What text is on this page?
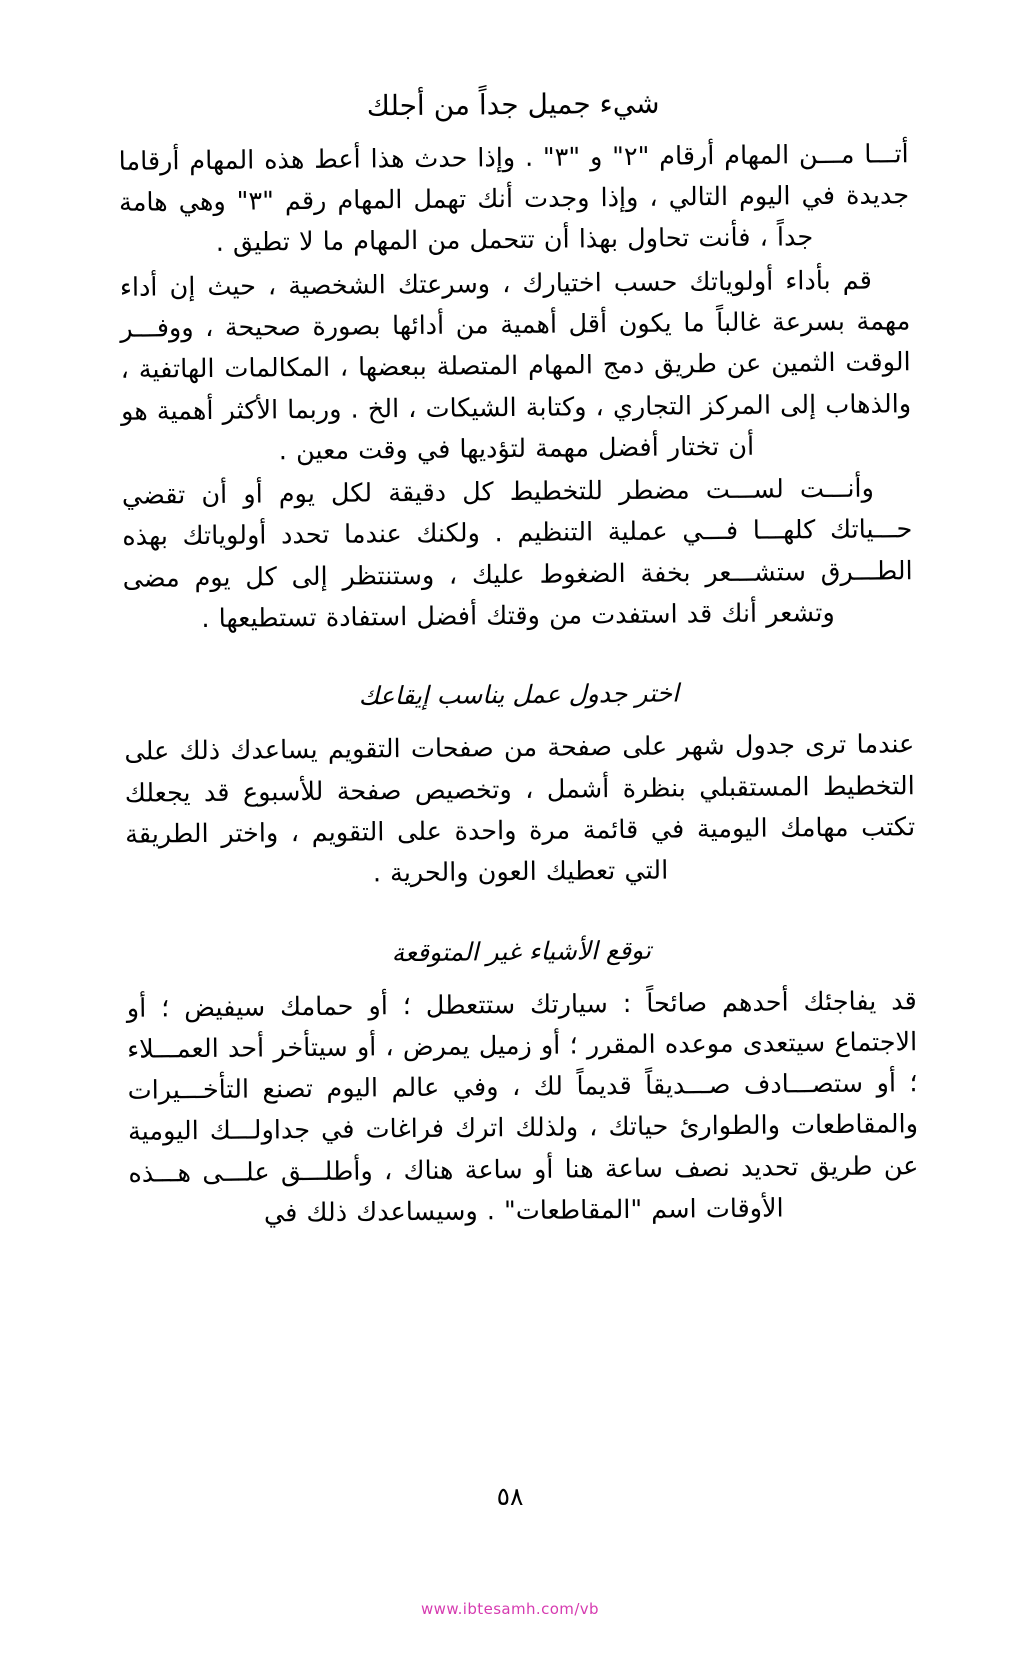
شيء جميل جداً من أجلك

أتـــا مـــن المهام أرقام "٢" و "٣" . وإذا حدث هذا أعط هذه المهام أرقاما جديدة في اليوم التالي ، وإذا وجدت أنك تهمل المهام رقم "٣" وهي هامة جداً ، فأنت تحاول بهذا أن تتحمل من المهام ما لا تطيق .

قم بأداء أولوياتك حسب اختيارك ، وسرعتك الشخصية ، حيث إن أداء مهمة بسرعة غالباً ما يكون أقل أهمية من أدائها بصورة صحيحة ، ووفـــر الوقت الثمين عن طريق دمج المهام المتصلة ببعضها ، المكالمات الهاتفية ، والذهاب إلى المركز التجاري ، وكتابة الشيكات ، الخ . وربما الأكثر أهمية هو أن تختار أفضل مهمة لتؤديها في وقت معين .

وأنـــت لســـت مضطر للتخطيط كل دقيقة لكل يوم أو أن تقضي حـــياتك كلهـــا فـــي عملية التنظيم . ولكنك عندما تحدد أولوياتك بهذه الطـــرق ستشـــعر بخفة الضغوط عليك ، وستنتظر إلى كل يوم مضى وتشعر أنك قد استفدت من وقتك أفضل استفادة تستطيعها .

اختر جدول عمل يناسب إيقاعك

عندما ترى جدول شهر على صفحة من صفحات التقويم يساعدك ذلك على التخطيط المستقبلي بنظرة أشمل ، وتخصيص صفحة للأسبوع قد يجعلك تكتب مهامك اليومية في قائمة مرة واحدة على التقويم ، واختر الطريقة التي تعطيك العون والحرية .

توقع الأشياء غير المتوقعة

قد يفاجئك أحدهم صائحاً : سيارتك ستتعطل ؛ أو حمامك سيفيض ؛ أو الاجتماع سيتعدى موعده المقرر ؛ أو زميل يمرض ، أو سيتأخر أحد العمـــلاء ؛ أو ستصـــادف صـــديقاً قديماً لك ، وفي عالم اليوم تصنع التأخـــيرات والمقاطعات والطوارئ حياتك ، ولذلك اترك فراغات في جداولـــك اليومية عن طريق تحديد نصف ساعة هنا أو ساعة هناك ، وأطلـــق علـــى هـــذه الأوقات اسم "المقاطعات" . وسيساعدك ذلك في

٥٨
www.ibtesamh.com/vb
